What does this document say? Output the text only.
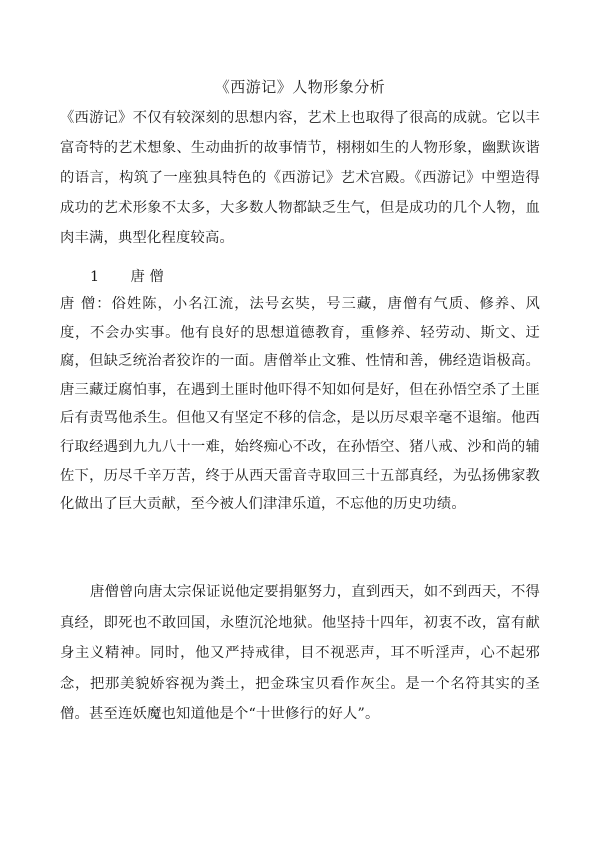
《西游记》人物形象分析

《西游记》不仅有较深刻的思想内容，艺术上也取得了很高的成就。它以丰富奇特的艺术想象、生动曲折的故事情节，栩栩如生的人物形象，幽默诙谐的语言，构筑了一座独具特色的《西游记》艺术宫殿。《西游记》中塑造得成功的艺术形象不太多，大多数人物都缺乏生气，但是成功的几个人物，血肉丰满，典型化程度较高。

1 唐 僧

唐 僧：俗姓陈，小名江流，法号玄奘，号三藏，唐僧有气质、修养、风度，不会办实事。他有良好的思想道德教育，重修养、轻劳动、斯文、迂腐，但缺乏统治者狡诈的一面。唐僧举止文雅、性情和善，佛经造诣极高。唐三藏迂腐怕事，在遇到土匪时他吓得不知如何是好，但在孙悟空杀了土匪后有责骂他杀生。但他又有坚定不移的信念，是以历尽艰辛毫不退缩。他西行取经遇到九九八十一难，始终痴心不改，在孙悟空、猪八戒、沙和尚的辅佐下，历尽千辛万苦，终于从西天雷音寺取回三十五部真经，为弘扬佛家教化做出了巨大贡献，至今被人们津津乐道，不忘他的历史功绩。

唐僧曾向唐太宗保证说他定要捐躯努力，直到西天，如不到西天，不得真经，即死也不敢回国，永堕沉沦地狱。他坚持十四年，初衷不改，富有献身主义精神。同时，他又严持戒律，目不视恶声，耳不听淫声，心不起邪念，把那美貌娇容视为粪土，把金珠宝贝看作灰尘。是一个名符其实的圣僧。甚至连妖魔也知道他是个“十世修行的好人”。
